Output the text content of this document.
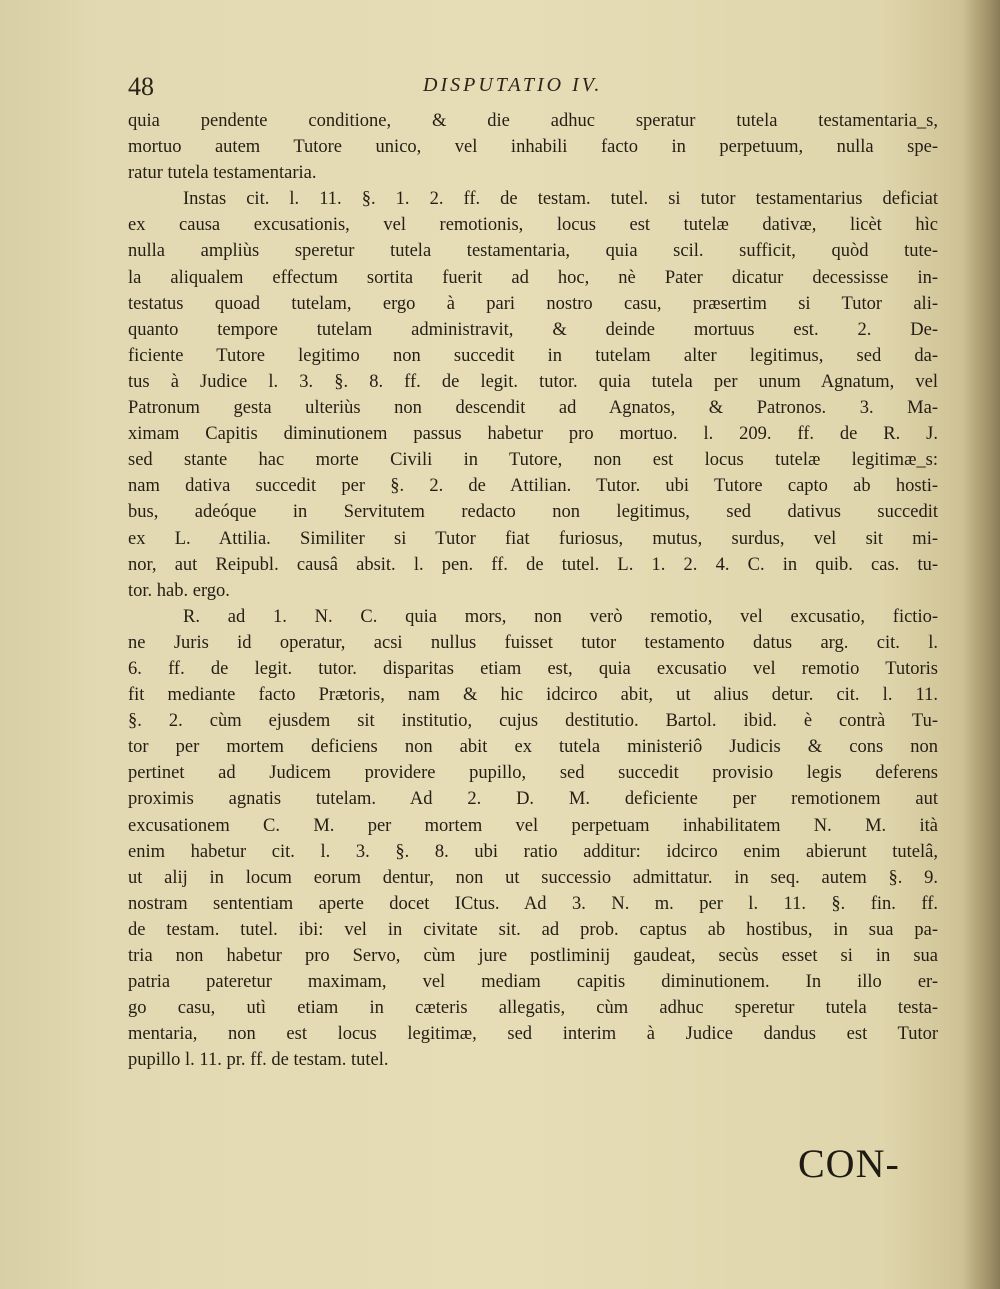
48	DISPUTATIO IV.
quia pendente conditione, & die adhuc speratur tutela testamentaria_s,
mortuo autem Tutore unico, vel inhabili facto in perpetuum, nulla spe-
ratur tutela testamentaria.
Instas cit. l. 11. §. 1. 2. ff. de testam. tutel. si tutor testamentarius deficiat
ex causa excusationis, vel remotionis, locus est tutelæ dativæ, licèt hìc
nulla ampliùs speretur tutela testamentaria, quia scil. sufficit, quòd tute-
la aliqualem effectum sortita fuerit ad hoc, nè Pater dicatur decessisse in-
testatus quoad tutelam, ergo à pari nostro casu, præsertim si Tutor ali-
quanto tempore tutelam administravit, & deinde mortuus est. 2. De-
ficiente Tutore legitimo non succedit in tutelam alter legitimus, sed da-
tus à Judice l. 3. §. 8. ff. de legit. tutor. quia tutela per unum Agnatum, vel
Patronum gesta ulteriùs non descendit ad Agnatos, & Patronos. 3. Ma-
ximam Capitis diminutionem passus habetur pro mortuo. l. 209. ff. de R. J.
sed stante hac morte Civili in Tutore, non est locus tutelæ legitimæ_s:
nam dativa succedit per §. 2. de Attilian. Tutor. ubi Tutore capto ab hosti-
bus, adeóque in Servitutem redacto non legitimus, sed dativus succedit
ex L. Attilia. Similiter si Tutor fiat furiosus, mutus, surdus, vel sit mi-
nor, aut Reipubl. causâ absit. l. pen. ff. de tutel. L. 1. 2. 4. C. in quib. cas. tu-
tor. hab. ergo.
R. ad 1. N. C. quia mors, non verò remotio, vel excusatio, fictio-
ne Juris id operatur, acsi nullus fuisset tutor testamento datus arg. cit. l.
6. ff. de legit. tutor. disparitas etiam est, quia excusatio vel remotio Tutoris
fit mediante facto Prætoris, nam & hic idcirco abit, ut alius detur. cit. l. 11.
§. 2. cùm ejusdem sit institutio, cujus destitutio. Bartol. ibid. è contrà Tu-
tor per mortem deficiens non abit ex tutela ministeriô Judicis & cons non
pertinet ad Judicem providere pupillo, sed succedit provisio legis deferens
proximis agnatis tutelam. Ad 2. D. M. deficiente per remotionem aut
excusationem C. M. per mortem vel perpetuam inhabilitatem N. M. ità
enim habetur cit. l. 3. §. 8. ubi ratio additur: idcirco enim abierunt tutelâ,
ut alij in locum eorum dentur, non ut successio admittatur. in seq. autem §. 9.
nostram sententiam aperte docet ICtus. Ad 3. N. m. per l. 11. §. fin. ff.
de testam. tutel. ibi: vel in civitate sit. ad prob. captus ab hostibus, in sua pa-
tria non habetur pro Servo, cùm jure postliminij gaudeat, secùs esset si in sua
patria pateretur maximam, vel mediam capitis diminutionem. In illo er-
go casu, utì etiam in cæteris allegatis, cùm adhuc speretur tutela testa-
mentaria, non est locus legitimæ, sed interim à Judice dandus est Tutor
pupillo l. 11. pr. ff. de testam. tutel.
CON-
